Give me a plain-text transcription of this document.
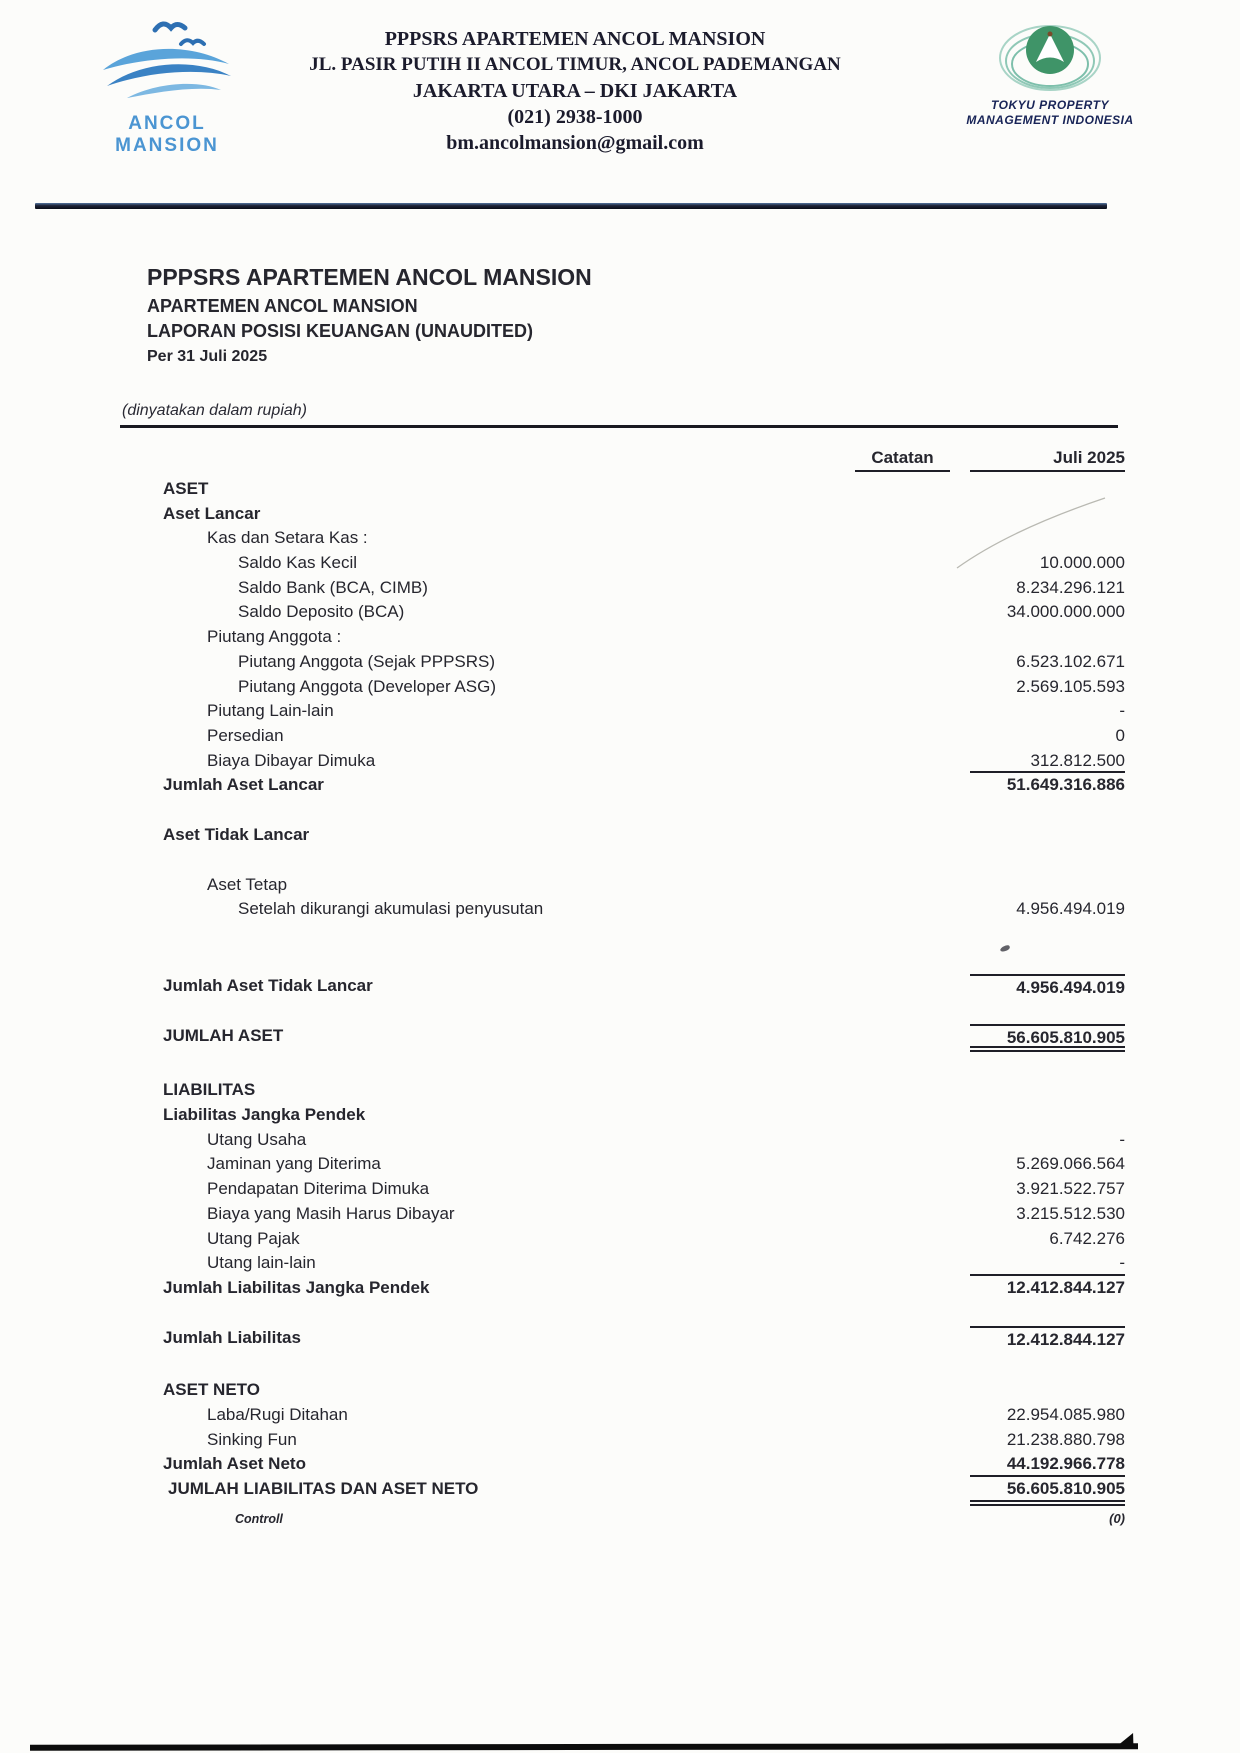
ANCOL MANSION
PPPSRS APARTEMEN ANCOL MANSION
JL. PASIR PUTIH II ANCOL TIMUR, ANCOL PADEMANGAN
JAKARTA UTARA – DKI JAKARTA
(021) 2938-1000
bm.ancolmansion@gmail.com
TOKYU PROPERTY
MANAGEMENT INDONESIA
PPPSRS APARTEMEN ANCOL MANSION
APARTEMEN ANCOL MANSION
LAPORAN POSISI KEUANGAN (UNAUDITED)
Per 31 Juli 2025
(dinyatakan dalam rupiah)
Catatan	Juli 2025
ASET
Aset Lancar
Kas dan Setara Kas :
Saldo Kas Kecil	10.000.000
Saldo Bank (BCA, CIMB)	8.234.296.121
Saldo Deposito (BCA)	34.000.000.000
Piutang Anggota :
Piutang Anggota (Sejak PPPSRS)	6.523.102.671
Piutang Anggota (Developer ASG)	2.569.105.593
Piutang Lain-lain	-
Persedian	0
Biaya Dibayar Dimuka	312.812.500
Jumlah Aset Lancar	51.649.316.886
Aset Tidak Lancar
Aset Tetap
Setelah dikurangi akumulasi penyusutan	4.956.494.019
Jumlah Aset Tidak Lancar	4.956.494.019
JUMLAH ASET	56.605.810.905
LIABILITAS
Liabilitas Jangka Pendek
Utang Usaha	-
Jaminan yang Diterima	5.269.066.564
Pendapatan Diterima Dimuka	3.921.522.757
Biaya yang Masih Harus Dibayar	3.215.512.530
Utang Pajak	6.742.276
Utang lain-lain	-
Jumlah Liabilitas Jangka Pendek	12.412.844.127
Jumlah Liabilitas	12.412.844.127
ASET NETO
Laba/Rugi Ditahan	22.954.085.980
Sinking Fun	21.238.880.798
Jumlah Aset Neto	44.192.966.778
JUMLAH LIABILITAS DAN ASET NETO	56.605.810.905
Controll	(0)
